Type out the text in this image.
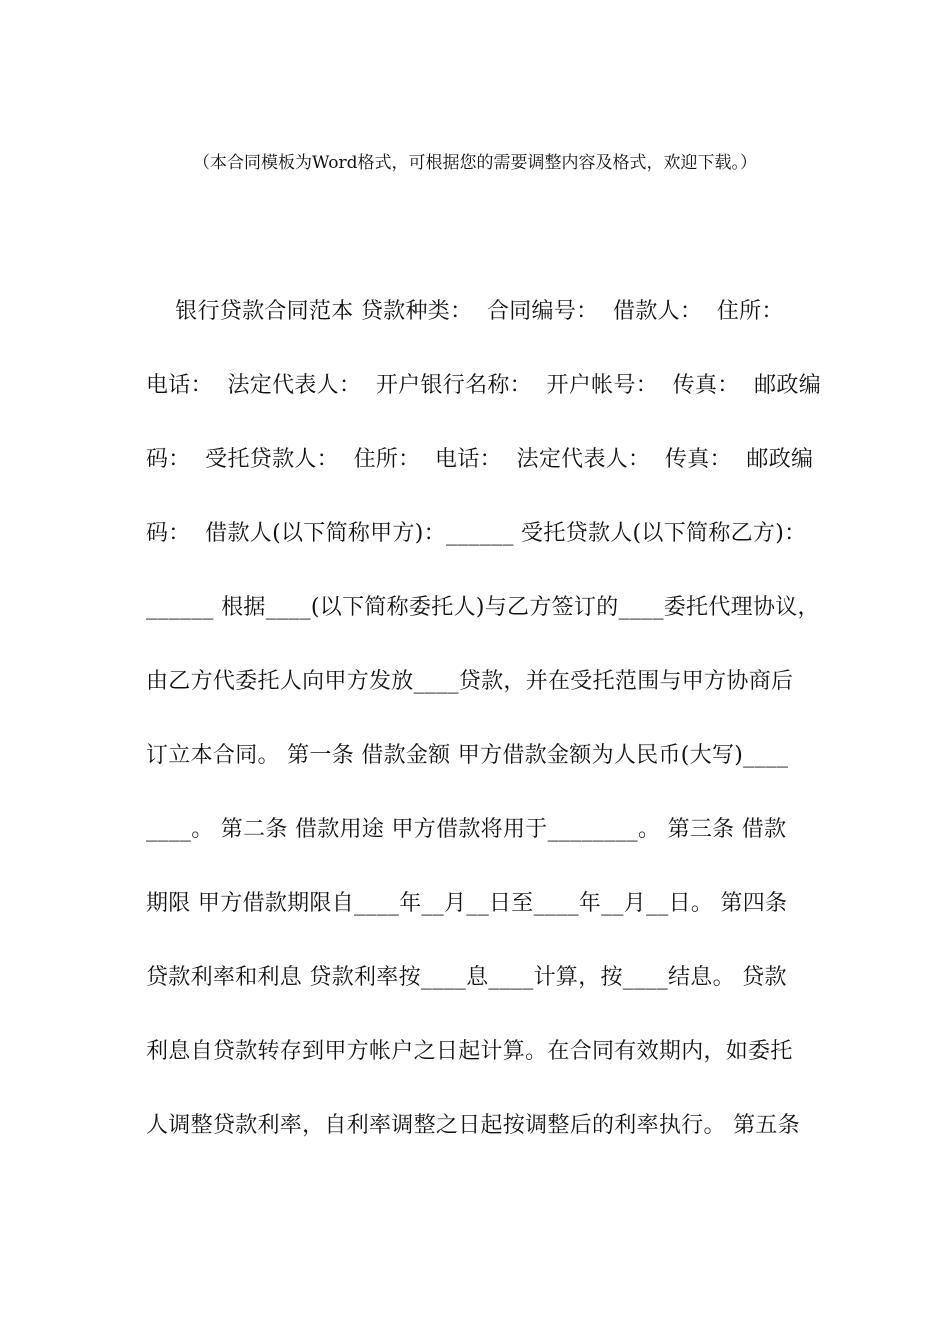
（本合同模板为Word格式，可根据您的需要调整内容及格式，欢迎下载。）
银行贷款合同范本 贷款种类：  合同编号：  借款人：  住所：
电话：  法定代表人：  开户银行名称：  开户帐号：  传真：  邮政编
码：  受托贷款人：  住所：  电话：  法定代表人：  传真：  邮政编
码：  借款人(以下简称甲方)：______ 受托贷款人(以下简称乙方)：
______ 根据____(以下简称委托人)与乙方签订的____委托代理协议，
由乙方代委托人向甲方发放____贷款，并在受托范围与甲方协商后
订立本合同。 第一条 借款金额 甲方借款金额为人民币(大写)____
____。 第二条 借款用途 甲方借款将用于________。 第三条 借款
期限 甲方借款期限自____年__月__日至____年__月__日。 第四条
贷款利率和利息 贷款利率按____息____计算，按____结息。 贷款
利息自贷款转存到甲方帐户之日起计算。在合同有效期内，如委托
人调整贷款利率，自利率调整之日起按调整后的利率执行。 第五条
